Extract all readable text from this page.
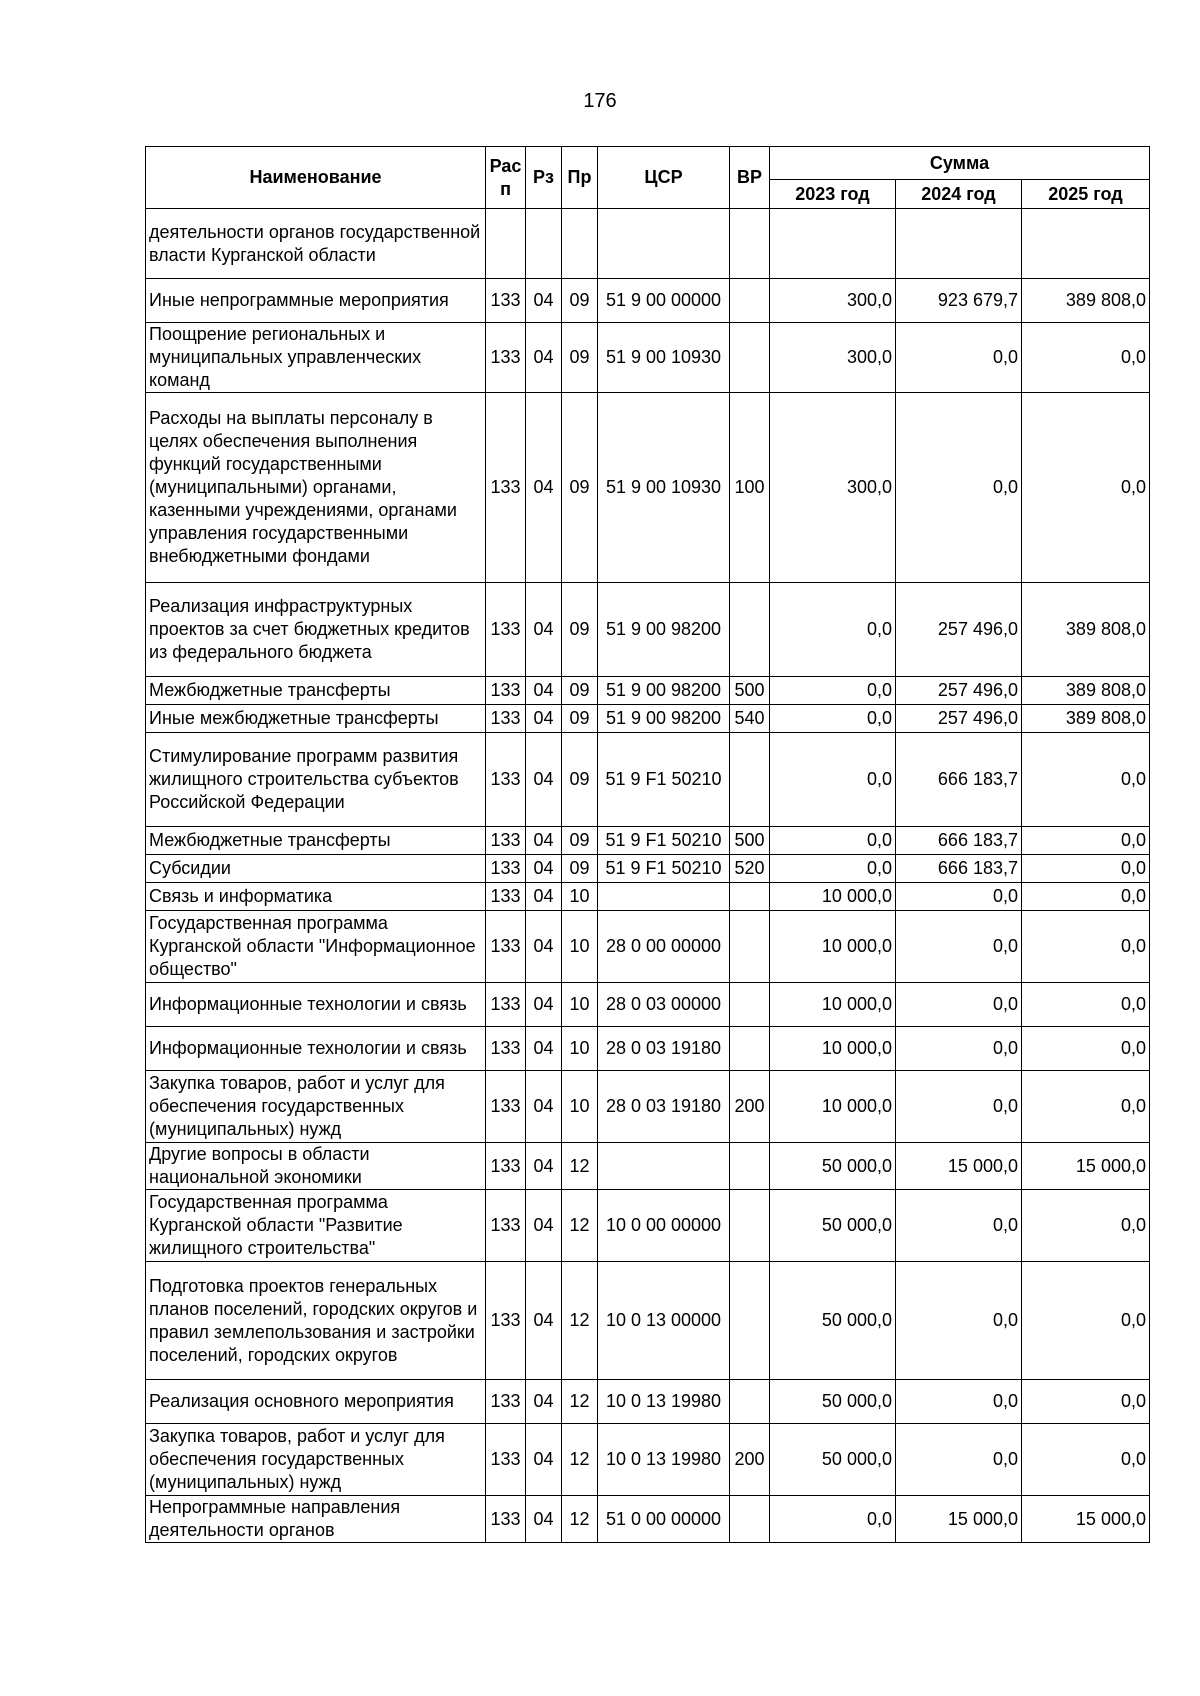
176
Наименование	Рас п	Рз	Пр	ЦСР	ВР	Сумма		
						2023 год	2024 год	2025 год
деятельности органов государственной власти Курганской области								
Иные непрограммные мероприятия	133	04	09	51 9 00 00000		300,0	923 679,7	389 808,0
Поощрение региональных и муниципальных управленческих команд	133	04	09	51 9 00 10930		300,0	0,0	0,0
Расходы на выплаты персоналу в целях обеспечения выполнения функций государственными (муниципальными) органами, казенными учреждениями, органами управления государственными внебюджетными фондами	133	04	09	51 9 00 10930	100	300,0	0,0	0,0
Реализация инфраструктурных проектов за счет бюджетных кредитов из федерального бюджета	133	04	09	51 9 00 98200		0,0	257 496,0	389 808,0
Межбюджетные трансферты	133	04	09	51 9 00 98200	500	0,0	257 496,0	389 808,0
Иные межбюджетные трансферты	133	04	09	51 9 00 98200	540	0,0	257 496,0	389 808,0
Стимулирование программ развития жилищного строительства субъектов Российской Федерации	133	04	09	51 9 F1 50210		0,0	666 183,7	0,0
Межбюджетные трансферты	133	04	09	51 9 F1 50210	500	0,0	666 183,7	0,0
Субсидии	133	04	09	51 9 F1 50210	520	0,0	666 183,7	0,0
Связь и информатика	133	04	10			10 000,0	0,0	0,0
Государственная программа Курганской области "Информационное общество"	133	04	10	28 0 00 00000		10 000,0	0,0	0,0
Информационные технологии и связь	133	04	10	28 0 03 00000		10 000,0	0,0	0,0
Информационные технологии и связь	133	04	10	28 0 03 19180		10 000,0	0,0	0,0
Закупка товаров, работ и услуг для обеспечения государственных (муниципальных) нужд	133	04	10	28 0 03 19180	200	10 000,0	0,0	0,0
Другие вопросы в области национальной экономики	133	04	12			50 000,0	15 000,0	15 000,0
Государственная программа Курганской области "Развитие жилищного строительства"	133	04	12	10 0 00 00000		50 000,0	0,0	0,0
Подготовка проектов генеральных планов поселений, городских округов и правил землепользования и застройки поселений, городских округов	133	04	12	10 0 13 00000		50 000,0	0,0	0,0
Реализация основного мероприятия	133	04	12	10 0 13 19980		50 000,0	0,0	0,0
Закупка товаров, работ и услуг для обеспечения государственных (муниципальных) нужд	133	04	12	10 0 13 19980	200	50 000,0	0,0	0,0
Непрограммные направления деятельности органов	133	04	12	51 0 00 00000		0,0	15 000,0	15 000,0
